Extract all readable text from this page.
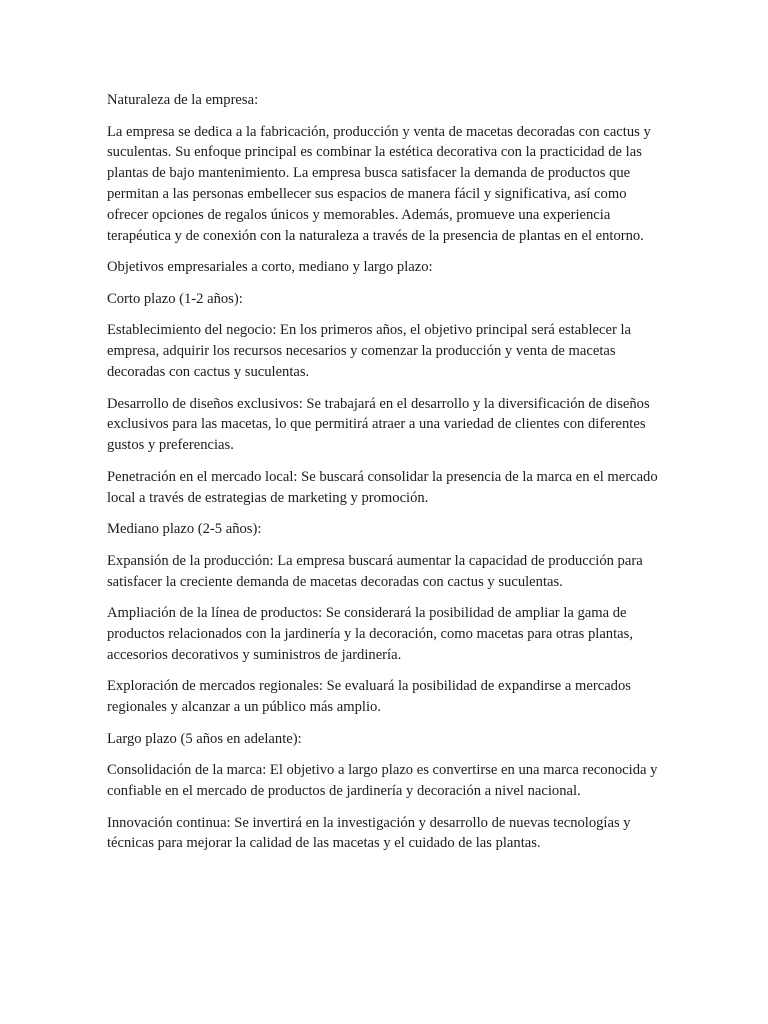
Naturaleza de la empresa:

La empresa se dedica a la fabricación, producción y venta de macetas decoradas con cactus y suculentas. Su enfoque principal es combinar la estética decorativa con la practicidad de las plantas de bajo mantenimiento. La empresa busca satisfacer la demanda de productos que permitan a las personas embellecer sus espacios de manera fácil y significativa, así como ofrecer opciones de regalos únicos y memorables. Además, promueve una experiencia terapéutica y de conexión con la naturaleza a través de la presencia de plantas en el entorno.

Objetivos empresariales a corto, mediano y largo plazo:

Corto plazo (1-2 años):

Establecimiento del negocio: En los primeros años, el objetivo principal será establecer la empresa, adquirir los recursos necesarios y comenzar la producción y venta de macetas decoradas con cactus y suculentas.

Desarrollo de diseños exclusivos: Se trabajará en el desarrollo y la diversificación de diseños exclusivos para las macetas, lo que permitirá atraer a una variedad de clientes con diferentes gustos y preferencias.

Penetración en el mercado local: Se buscará consolidar la presencia de la marca en el mercado local a través de estrategias de marketing y promoción.

Mediano plazo (2-5 años):

Expansión de la producción: La empresa buscará aumentar la capacidad de producción para satisfacer la creciente demanda de macetas decoradas con cactus y suculentas.

Ampliación de la línea de productos: Se considerará la posibilidad de ampliar la gama de productos relacionados con la jardinería y la decoración, como macetas para otras plantas, accesorios decorativos y suministros de jardinería.

Exploración de mercados regionales: Se evaluará la posibilidad de expandirse a mercados regionales y alcanzar a un público más amplio.

Largo plazo (5 años en adelante):

Consolidación de la marca: El objetivo a largo plazo es convertirse en una marca reconocida y confiable en el mercado de productos de jardinería y decoración a nivel nacional.

Innovación continua: Se invertirá en la investigación y desarrollo de nuevas tecnologías y técnicas para mejorar la calidad de las macetas y el cuidado de las plantas.
